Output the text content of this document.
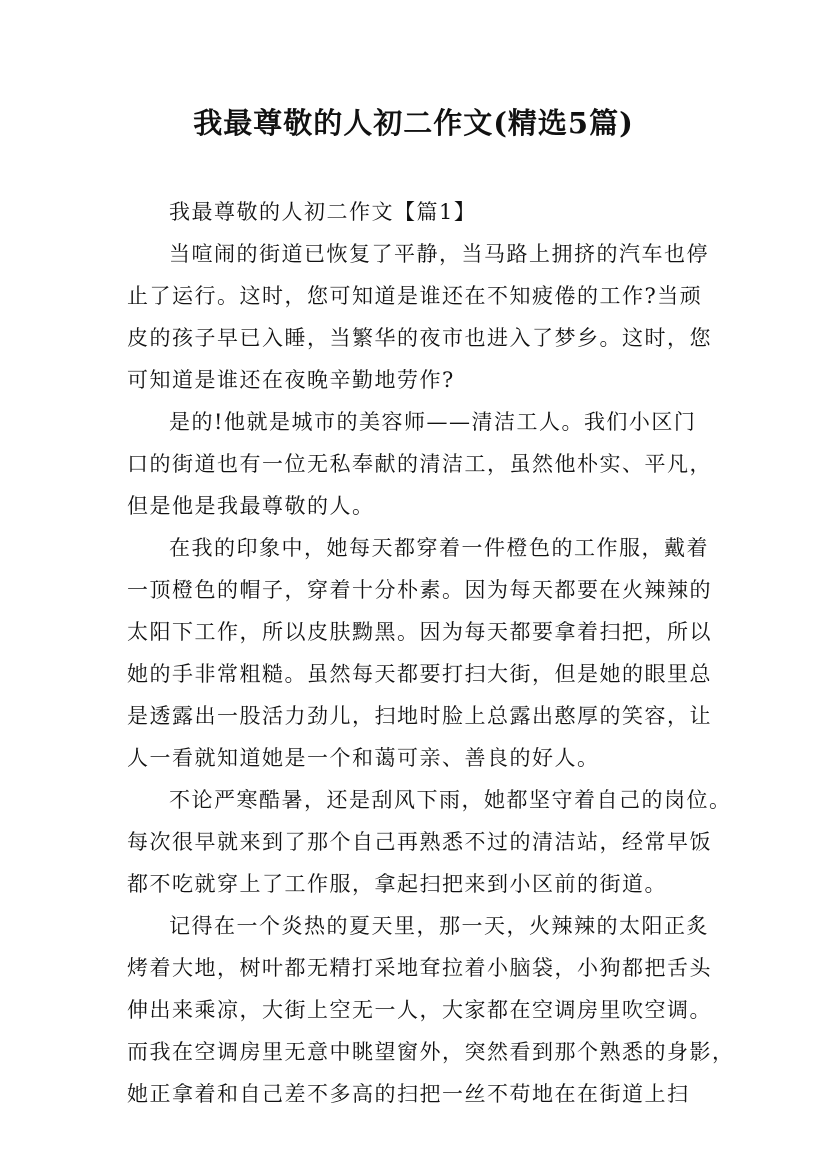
我最尊敬的人初二作文(精选5篇)
我最尊敬的人初二作文【篇1】
当喧闹的街道已恢复了平静，当马路上拥挤的汽车也停
止了运行。这时，您可知道是谁还在不知疲倦的工作?当顽
皮的孩子早已入睡，当繁华的夜市也进入了梦乡。这时，您
可知道是谁还在夜晚辛勤地劳作?
是的!他就是城市的美容师——清洁工人。我们小区门
口的街道也有一位无私奉献的清洁工，虽然他朴实、平凡，
但是他是我最尊敬的人。
在我的印象中，她每天都穿着一件橙色的工作服，戴着
一顶橙色的帽子，穿着十分朴素。因为每天都要在火辣辣的
太阳下工作，所以皮肤黝黑。因为每天都要拿着扫把，所以
她的手非常粗糙。虽然每天都要打扫大街，但是她的眼里总
是透露出一股活力劲儿，扫地时脸上总露出憨厚的笑容，让
人一看就知道她是一个和蔼可亲、善良的好人。
不论严寒酷暑，还是刮风下雨，她都坚守着自己的岗位。
每次很早就来到了那个自己再熟悉不过的清洁站，经常早饭
都不吃就穿上了工作服，拿起扫把来到小区前的街道。
记得在一个炎热的夏天里，那一天，火辣辣的太阳正炙
烤着大地，树叶都无精打采地耷拉着小脑袋，小狗都把舌头
伸出来乘凉，大街上空无一人，大家都在空调房里吹空调。
而我在空调房里无意中眺望窗外，突然看到那个熟悉的身影，
她正拿着和自己差不多高的扫把一丝不苟地在在街道上扫
